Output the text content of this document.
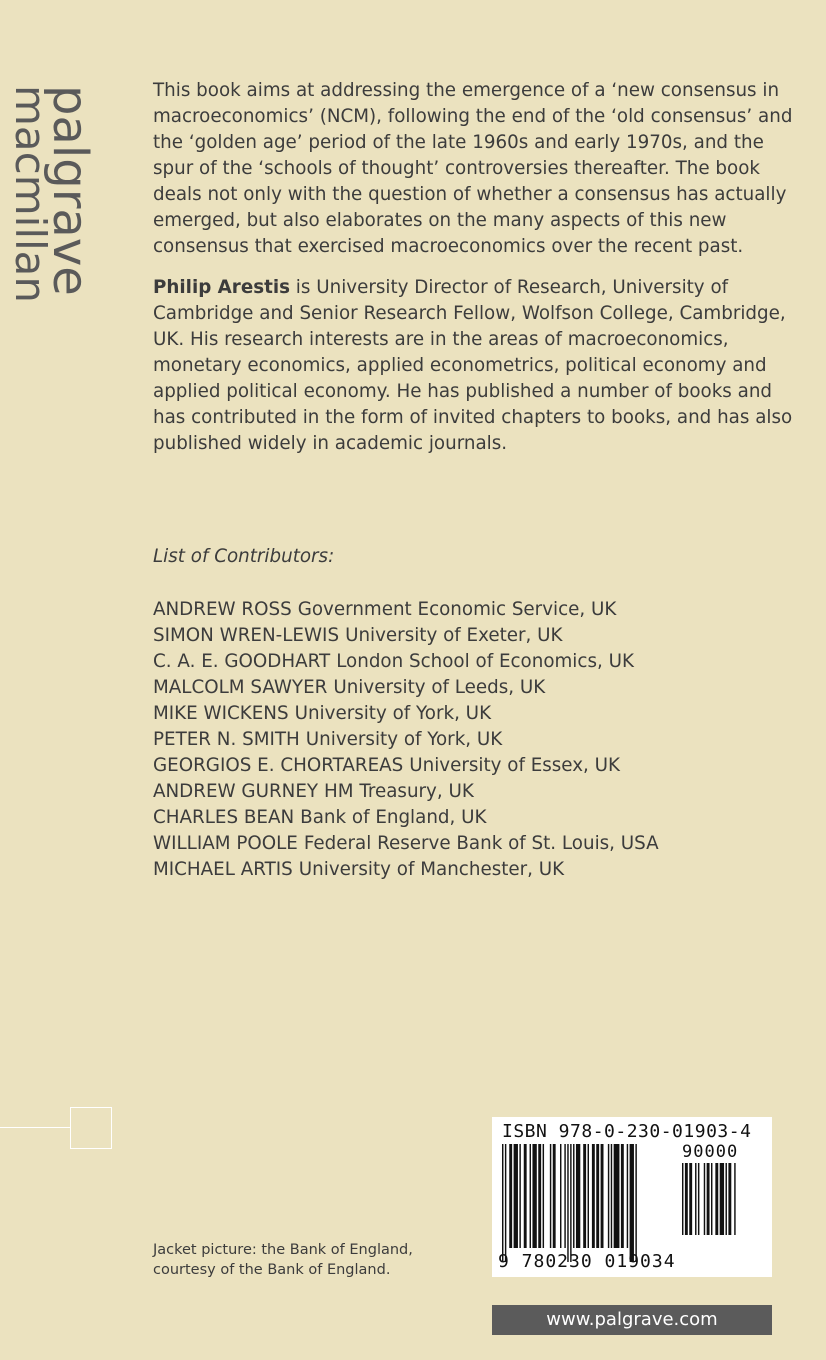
palgrave
macmillan	This book aims at addressing the emergence of a ‘new consensus in macroeconomics’ (NCM), following the end of the ‘old consensus’ and the ‘golden age’ period of the late 1960s and early 1970s, and the spur of the ‘schools of thought’ controversies thereafter. The book deals not only with the question of whether a consensus has actually emerged, but also elaborates on the many aspects of this new consensus that exercised macroeconomics over the recent past.

Philip Arestis is University Director of Research, University of Cambridge and Senior Research Fellow, Wolfson College, Cambridge, UK. His research interests are in the areas of macroeconomics, monetary economics, applied econometrics, political economy and applied political economy. He has published a number of books and has contributed in the form of invited chapters to books, and has also published widely in academic journals.

List of Contributors:
ANDREW ROSS Government Economic Service, UK
SIMON WREN-LEWIS University of Exeter, UK
C. A. E. GOODHART London School of Economics, UK
MALCOLM SAWYER University of Leeds, UK
MIKE WICKENS University of York, UK
PETER N. SMITH University of York, UK
GEORGIOS E. CHORTAREAS University of Essex, UK
ANDREW GURNEY HM Treasury, UK
CHARLES BEAN Bank of England, UK
WILLIAM POOLE Federal Reserve Bank of St. Louis, USA
MICHAEL ARTIS University of Manchester, UK
Jacket picture: the Bank of England,
courtesy of the Bank of England.
ISBN 978-0-230-01903-4
90000
9 780230 019034
www.palgrave.com
